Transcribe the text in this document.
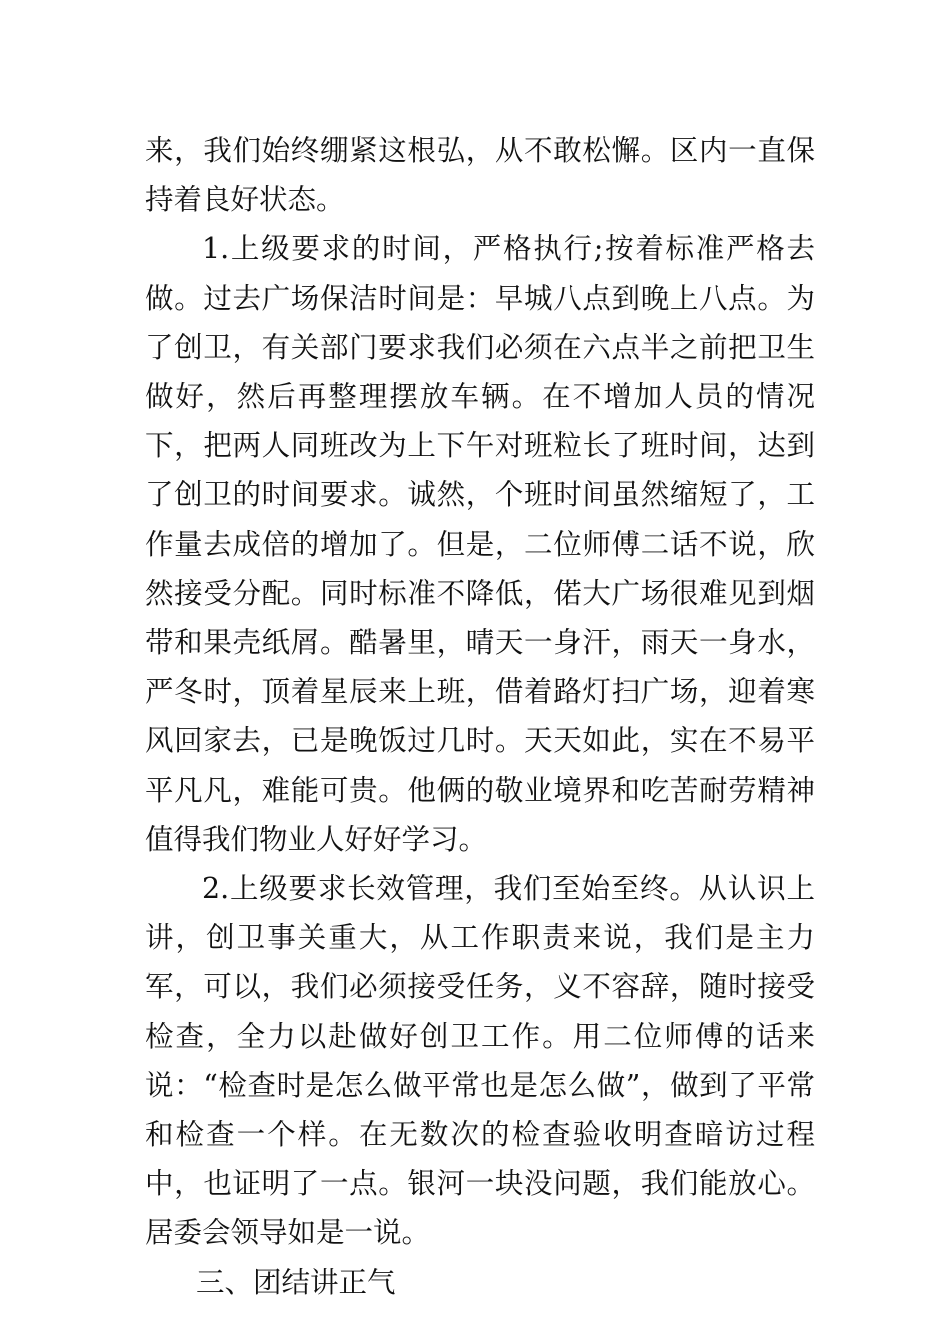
来，我们始终绷紧这根弘，从不敢松懈。区内一直保持着良好状态。

1.上级要求的时间，严格执行;按着标准严格去做。过去广场保洁时间是：早城八点到晚上八点。为了创卫，有关部门要求我们必须在六点半之前把卫生做好，然后再整理摆放车辆。在不增加人员的情况下，把两人同班改为上下午对班粒长了班时间，达到了创卫的时间要求。诚然，个班时间虽然缩短了，工作量去成倍的增加了。但是，二位师傅二话不说，欣然接受分配。同时标准不降低，偌大广场很难见到烟带和果壳纸屑。酷暑里，晴天一身汗，雨天一身水，严冬时，顶着星辰来上班，借着路灯扫广场，迎着寒风回家去，已是晚饭过几时。天天如此，实在不易平平凡凡，难能可贵。他俩的敬业境界和吃苦耐劳精神值得我们物业人好好学习。

2.上级要求长效管理，我们至始至终。从认识上讲，创卫事关重大，从工作职责来说，我们是主力军，可以，我们必须接受任务，义不容辞，随时接受检查，全力以赴做好创卫工作。用二位师傅的话来说：“检查时是怎么做平常也是怎么做”，做到了平常和检查一个样。在无数次的检查验收明查暗访过程中，也证明了一点。银河一块没问题，我们能放心。居委会领导如是一说。

三、团结讲正气
